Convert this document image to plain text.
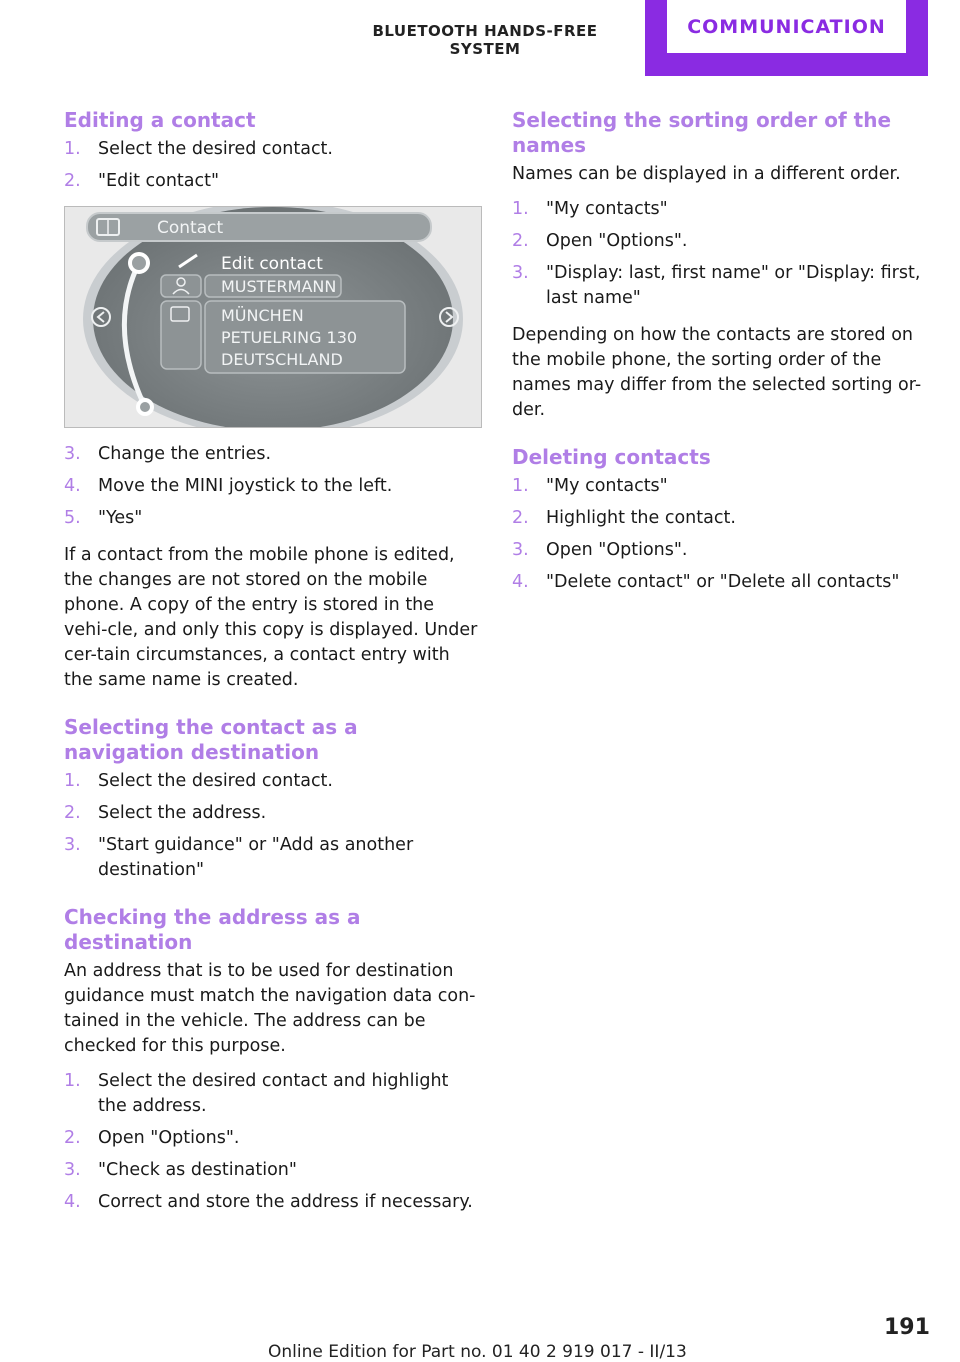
BLUETOOTH HANDS-FREE SYSTEM
COMMUNICATION
Editing a contact
1. Select the desired contact.
2. "Edit contact"
Contact
Edit contact
MUSTERMANN
MÜNCHEN
PETUELRING 130
DEUTSCHLAND
3. Change the entries.
4. Move the MINI joystick to the left.
5. "Yes"

If a contact from the mobile phone is edited, the changes are not stored on the mobile phone. A copy of the entry is stored in the vehi-cle, and only this copy is displayed. Under cer-tain circumstances, a contact entry with the same name is created.

Selecting the contact as a navigation destination
1. Select the desired contact.
2. Select the address.
3. "Start guidance" or "Add as another destination"
Checking the address as a destination

An address that is to be used for destination guidance must match the navigation data con-tained in the vehicle. The address can be checked for this purpose.

1. Select the desired contact and highlight the address.
2. Open "Options".
3. "Check as destination"
4. Correct and store the address if necessary.
Selecting the sorting order of the names

Names can be displayed in a different order.

1. "My contacts"
2. Open "Options".
3. "Display: last, first name" or "Display: first, last name"

Depending on how the contacts are stored on the mobile phone, the sorting order of the names may differ from the selected sorting or-der.

Deleting contacts
1. "My contacts"
2. Highlight the contact.
3. Open "Options".
4. "Delete contact" or "Delete all contacts"
191
Online Edition for Part no. 01 40 2 919 017 - II/13
